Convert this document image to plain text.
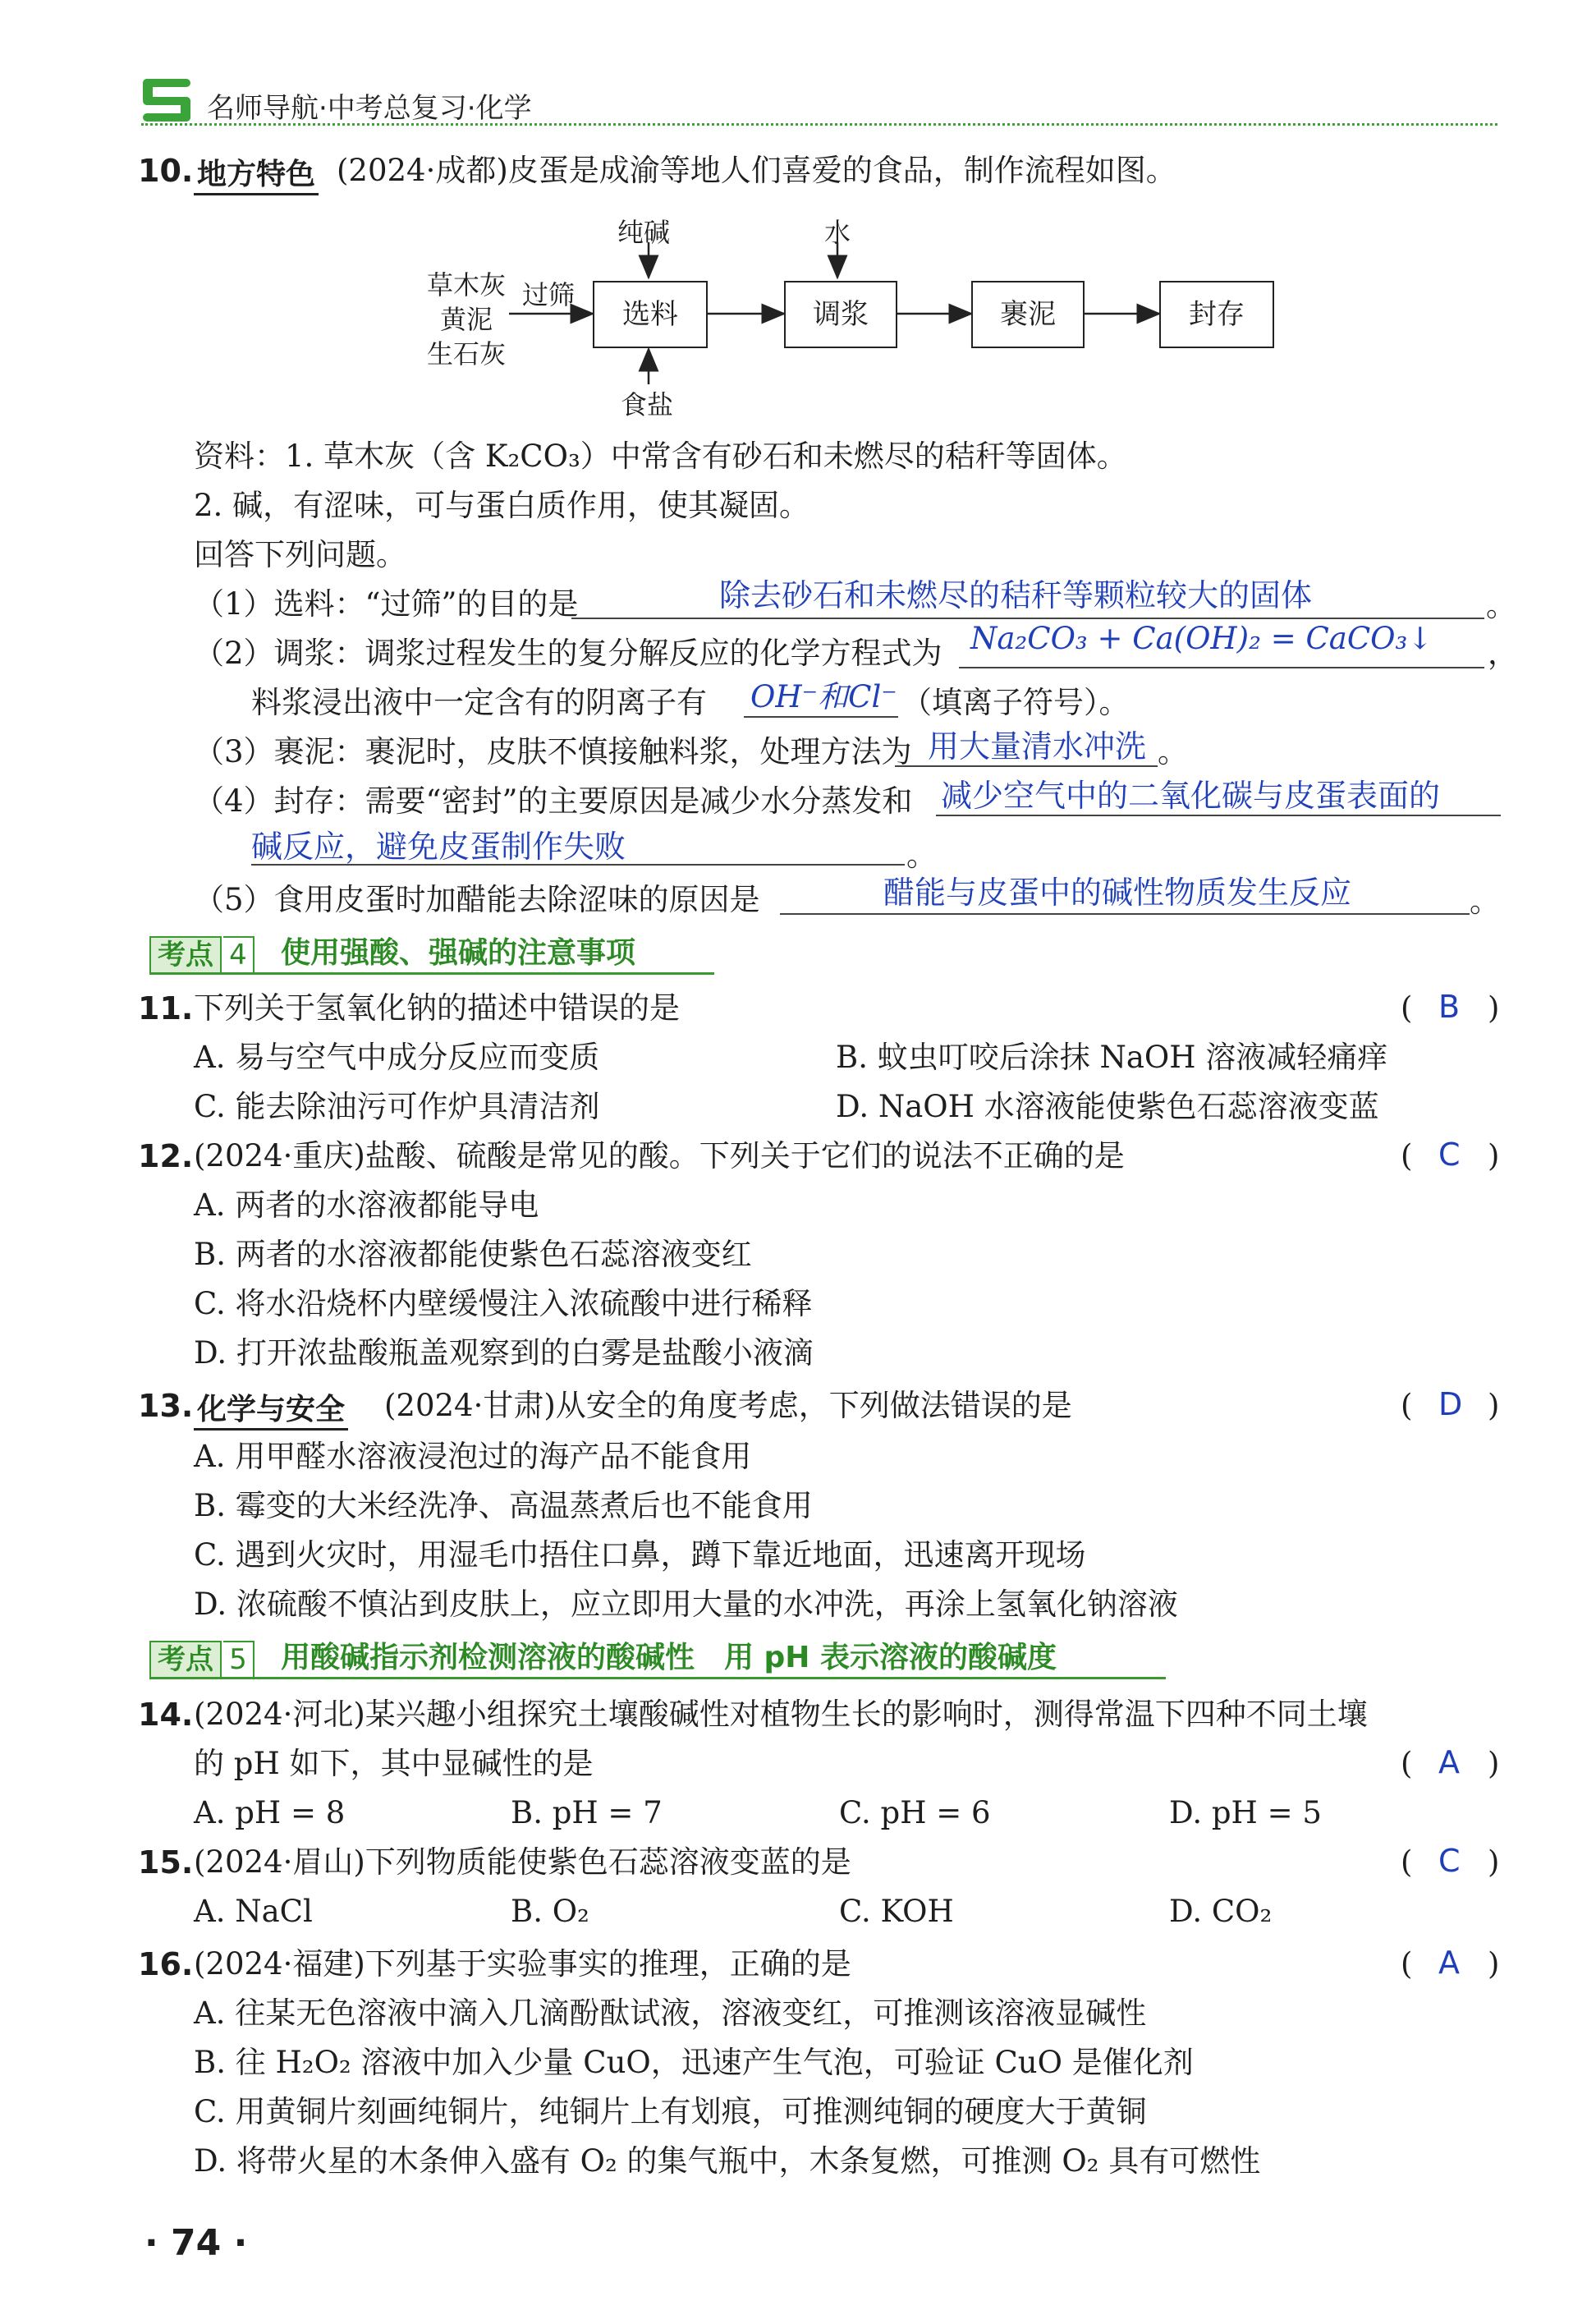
名师导航·中考总复习·化学
10. 地方特色 (2024·成都)皮蛋是成渝等地人们喜爱的食品，制作流程如图。
草木灰
黄泥
生石灰
过筛
纯碱	水
食盐
选料	调浆	裹泥	封存
资料：1. 草木灰（含 K₂CO₃）中常含有砂石和未燃尽的秸秆等固体。
2. 碱，有涩味，可与蛋白质作用，使其凝固。
回答下列问题。
（1）选料：“过筛”的目的是	。
除去砂石和未燃尽的秸秆等颗粒较大的固体
（2）调浆：调浆过程发生的复分解反应的化学方程式为	，
Na₂CO₃ + Ca(OH)₂ = CaCO₃↓
料浆浸出液中一定含有的阴离子有 OH⁻和Cl⁻ （填离子符号）。
（3）裹泥：裹泥时，皮肤不慎接触料浆，处理方法为	。
用大量清水冲洗
（4）封存：需要“密封”的主要原因是减少水分蒸发和 减少空气中的二氧化碳与皮蛋表面的
碱反应，避免皮蛋制作失败	。
（5）食用皮蛋时加醋能去除涩味的原因是	。
醋能与皮蛋中的碱性物质发生反应
考点 4 使用强酸、强碱的注意事项
11. 下列关于氢氧化钠的描述中错误的是	( B )
A. 易与空气中成分反应而变质	B. 蚊虫叮咬后涂抹 NaOH 溶液减轻痛痒
C. 能去除油污可作炉具清洁剂	D. NaOH 水溶液能使紫色石蕊溶液变蓝
12. (2024·重庆)盐酸、硫酸是常见的酸。下列关于它们的说法不正确的是	( C )
A. 两者的水溶液都能导电
B. 两者的水溶液都能使紫色石蕊溶液变红
C. 将水沿烧杯内壁缓慢注入浓硫酸中进行稀释
D. 打开浓盐酸瓶盖观察到的白雾是盐酸小液滴
13. 化学与安全 (2024·甘肃)从安全的角度考虑，下列做法错误的是	( D )
A. 用甲醛水溶液浸泡过的海产品不能食用
B. 霉变的大米经洗净、高温蒸煮后也不能食用
C. 遇到火灾时，用湿毛巾捂住口鼻，蹲下靠近地面，迅速离开现场
D. 浓硫酸不慎沾到皮肤上，应立即用大量的水冲洗，再涂上氢氧化钠溶液
考点 5 用酸碱指示剂检测溶液的酸碱性　用 pH 表示溶液的酸碱度
14. (2024·河北)某兴趣小组探究土壤酸碱性对植物生长的影响时，测得常温下四种不同土壤
的 pH 如下，其中显碱性的是	( A )
A. pH = 8	B. pH = 7	C. pH = 6	D. pH = 5
15. (2024·眉山)下列物质能使紫色石蕊溶液变蓝的是	( C )
A. NaCl	B. O₂	C. KOH	D. CO₂
16. (2024·福建)下列基于实验事实的推理，正确的是	( A )
A. 往某无色溶液中滴入几滴酚酞试液，溶液变红，可推测该溶液显碱性
B. 往 H₂O₂ 溶液中加入少量 CuO，迅速产生气泡，可验证 CuO 是催化剂
C. 用黄铜片刻画纯铜片，纯铜片上有划痕，可推测纯铜的硬度大于黄铜
D. 将带火星的木条伸入盛有 O₂ 的集气瓶中，木条复燃，可推测 O₂ 具有可燃性
· 74 ·
